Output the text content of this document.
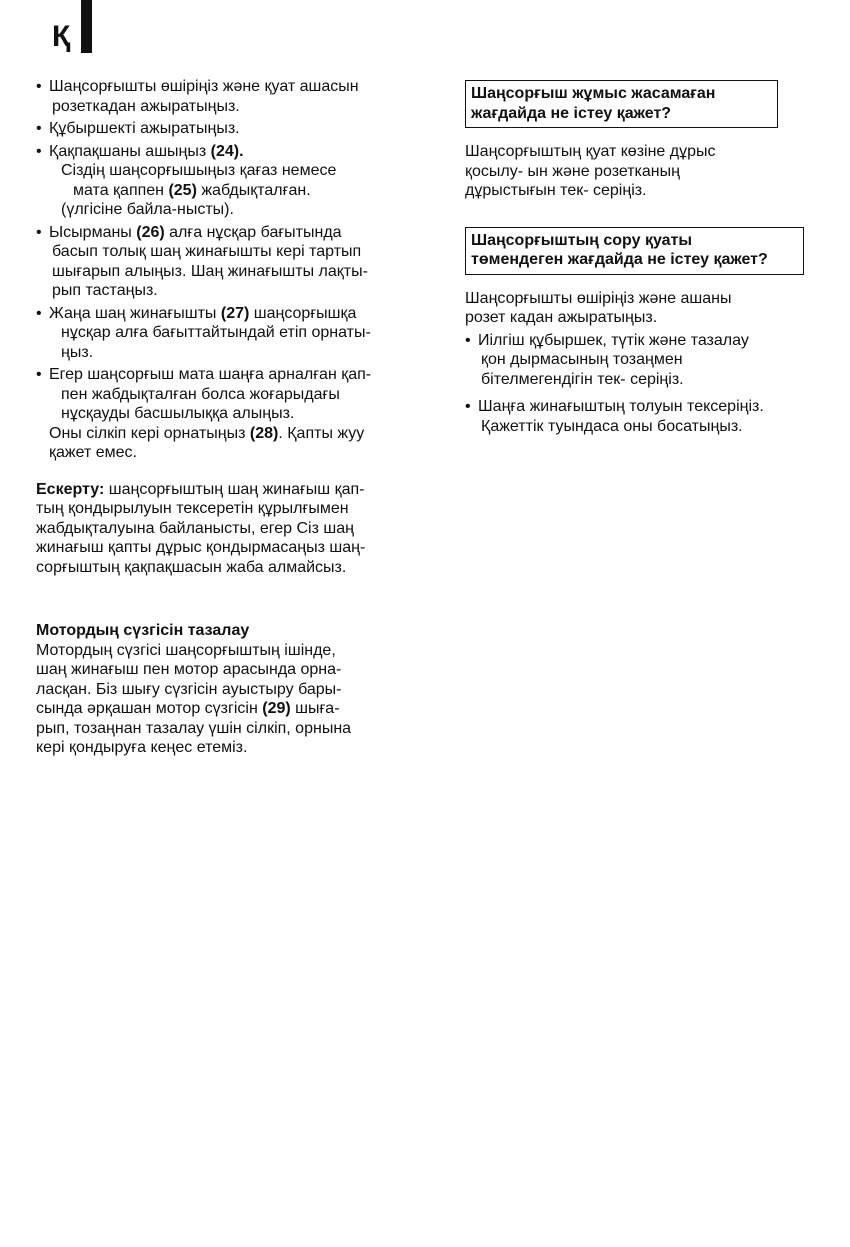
Қ
• Шаңсорғышты өшіріңіз және қуат ашасын
розеткадан ажыратыңыз.
• Құбыршекті ажыратыңыз.
• Қақпақшаны ашыңыз (24).
Сіздің шаңсорғышыңыз қағаз немесе
мата қаппен (25) жабдықталған.
(үлгісіне байла-нысты).
• Ысырманы (26) алға нұсқар бағытында
басып толық шаң жинағышты кері тартып
шығарып алыңыз. Шаң жинағышты лақты-
рып тастаңыз.
• Жаңа шаң жинағышты (27) шаңсорғышқа
нұсқар алға бағыттайтындай етіп орнаты-
ңыз.
• Егер шаңсорғыш мата шаңға арналған қап-
пен жабдықталған болса жоғарыдағы
нұсқауды басшылыққа алыңыз.
Оны сілкіп кері орнатыңыз (28). Қапты жуу
қажет емес.

Ескерту: шаңсорғыштың шаң жинағыш қап-
тың қондырылуын тексеретін құрылғымен
жабдықталуына байланысты, егер Сіз шаң
жинағыш қапты дұрыс қондырмасаңыз шаң-
сорғыштың қақпақшасын жаба алмайсыз.

Мотордың сүзгісін тазалау

Мотордың сүзгісі шаңсорғыштың ішінде,
шаң жинағыш пен мотор арасында орна-
ласқан. Біз шығу сүзгісін ауыстыру бары-
сында әрқашан мотор сүзгісін (29) шыға-
рып, тозаңнан тазалау үшін сілкіп, орнына
кері қондыруға кеңес етеміз.

Шаңсорғыш жұмыс жасамаған
жағдайда не істеу қажет?

Шаңсорғыштың қуат көзіне дұрыс
қосылу- ын және розетканың
дұрыстығын тек- серіңіз.

Шаңсорғыштың сору қуаты
төмендеген жағдайда не істеу қажет?

Шаңсорғышты өшіріңіз және ашаны
розет кадан ажыратыңыз.

• Иілгіш құбыршек, түтік және тазалау
қон дырмасының тозаңмен
бітелмегендігін тек- серіңіз.
• Шаңға жинағыштың толуын тексеріңіз.
Қажеттік туындаса оны босатыңыз.
